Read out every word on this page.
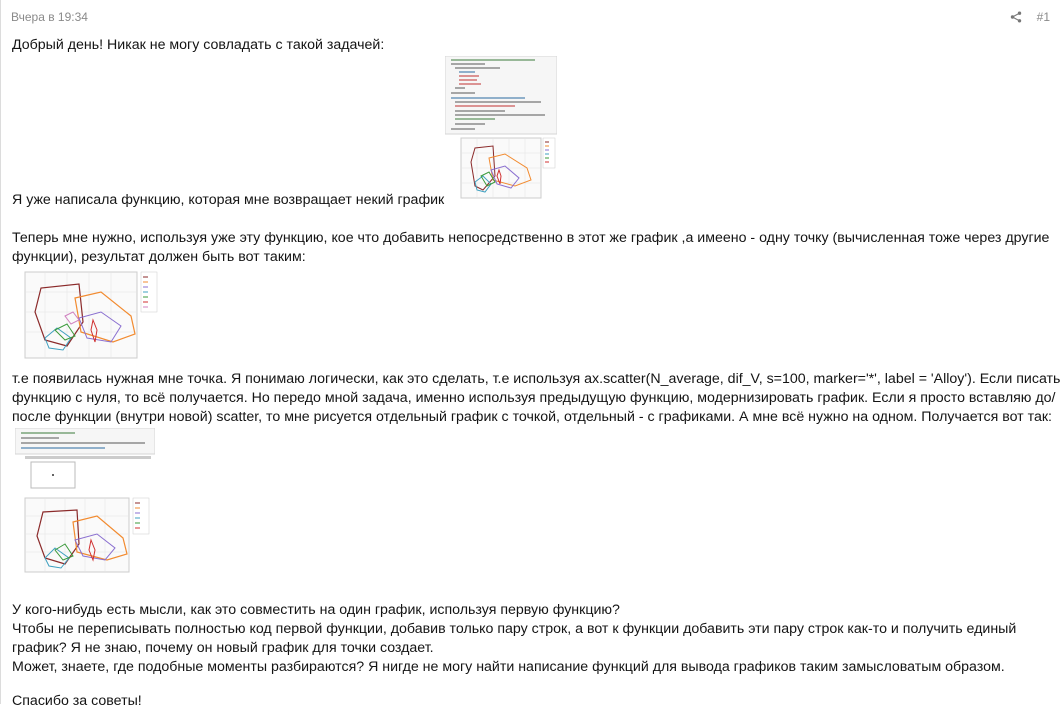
Вчера в 19:34	#1
Добрый день! Никак не могу совладать с такой задачей:
Я уже написала функцию, которая мне возвращает некий график
Теперь мне нужно, используя уже эту функцию, кое что добавить непосредственно в этот же график ,а имеено - одну точку (вычисленная тоже через другие
функции), результат должен быть вот таким:
т.е появилась нужная мне точка. Я понимаю логически, как это сделать, т.е используя ax.scatter(N_average, dif_V, s=100, marker='*', label = 'Alloy'). Если писать
функцию с нуля, то всё получается. Но передо мной задача, именно используя предыдущую функцию, модернизировать график. Если я просто вставляю до/
после функции (внутри новой) scatter, то мне рисуется отдельный график с точкой, отдельный - с графиками. А мне всё нужно на одном. Получается вот так:
У кого-нибудь есть мысли, как это совместить на один график, используя первую функцию?
Чтобы не переписывать полностью код первой функции, добавив только пару строк, а вот к функции добавить эти пару строк как-то и получить единый
график? Я не знаю, почему он новый график для точки создает.
Может, знаете, где подобные моменты разбираются? Я нигде не могу найти написание функций для вывода графиков таким замысловатым образом.
Спасибо за советы!
